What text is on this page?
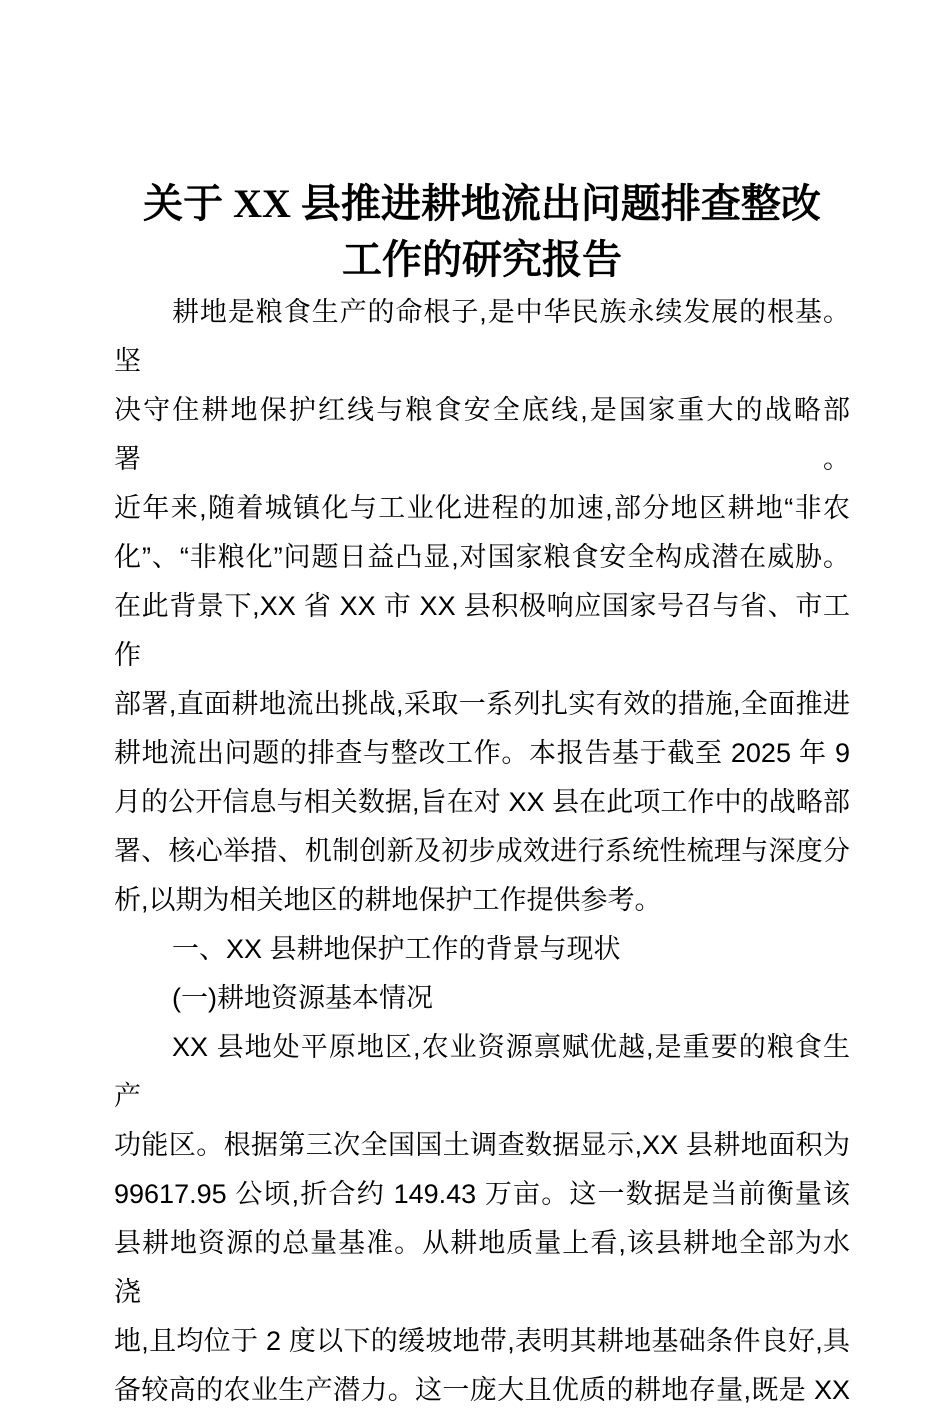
关于 XX 县推进耕地流出问题排查整改
工作的研究报告
耕地是粮食生产的命根子,是中华民族永续发展的根基。坚
决守住耕地保护红线与粮食安全底线,是国家重大的战略部署。
近年来,随着城镇化与工业化进程的加速,部分地区耕地“非农
化”、“非粮化”问题日益凸显,对国家粮食安全构成潜在威胁。
在此背景下,XX 省 XX 市 XX 县积极响应国家号召与省、市工作
部署,直面耕地流出挑战,采取一系列扎实有效的措施,全面推进
耕地流出问题的排查与整改工作。本报告基于截至 2025 年 9
月的公开信息与相关数据,旨在对 XX 县在此项工作中的战略部
署、核心举措、机制创新及初步成效进行系统性梳理与深度分
析,以期为相关地区的耕地保护工作提供参考。
一、XX 县耕地保护工作的背景与现状
(一)耕地资源基本情况
XX 县地处平原地区,农业资源禀赋优越,是重要的粮食生产
功能区。根据第三次全国国土调查数据显示,XX 县耕地面积为
99617.95 公顷,折合约 149.43 万亩。这一数据是当前衡量该
县耕地资源的总量基准。从耕地质量上看,该县耕地全部为水浇
地,且均位于 2 度以下的缓坡地带,表明其耕地基础条件良好,具
备较高的农业生产潜力。这一庞大且优质的耕地存量,既是 XX
